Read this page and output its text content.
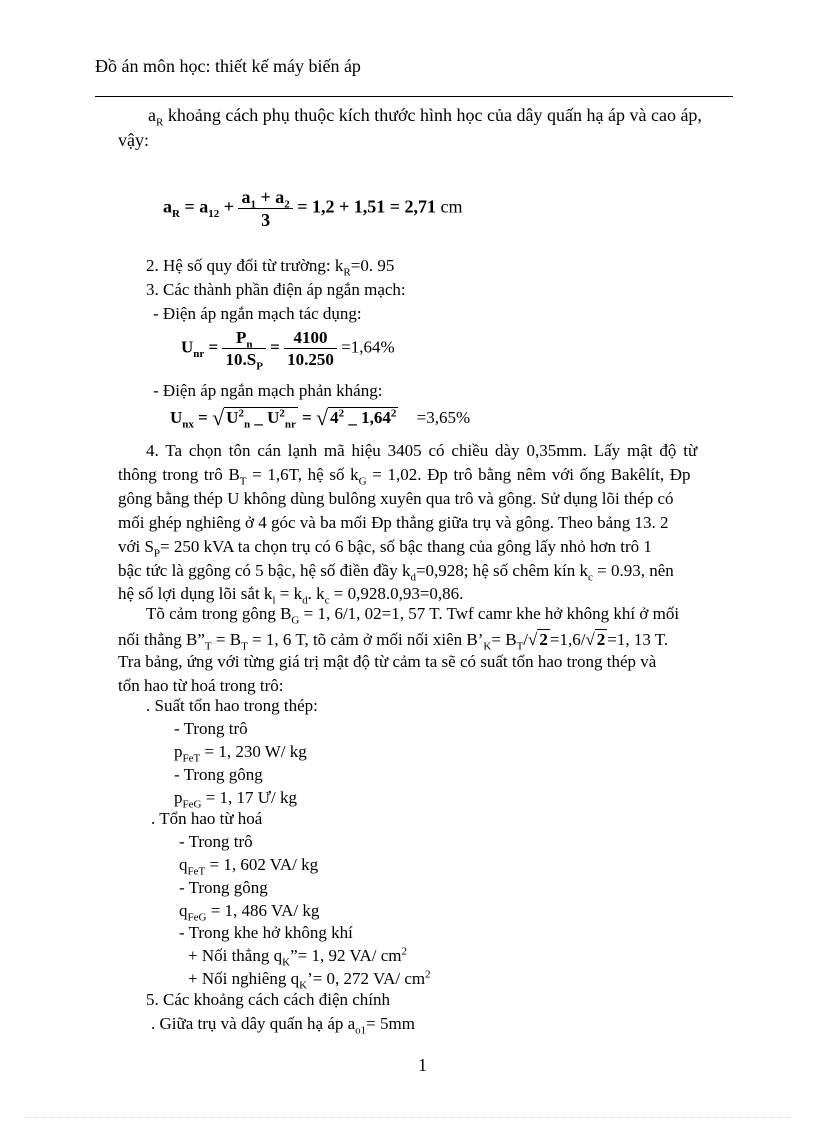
Đồ án môn học: thiết kế máy biến áp
$a_R$ khoảng cách phụ thuộc kích thước hình học của dây quấn hạ áp và cao áp,
vậy:
$a_R = a_{12} + \frac{a_1 + a_2}{3} = 1,2 + 1,51 = 2,71$ cm
2. Hệ số quy đổi từ trường: $k_R=0$. 95
3. Các thành phần điện áp ngắn mạch:
- Điện áp ngắn mạch tác dụng:
$U_{nr} = \frac{P_n}{10.S_P} = \frac{4100}{10.250} =1,64\%$
- Điện áp ngắn mạch phản kháng:
$U_{nx}$ = √ $U^2_n$ _ $U^2_{nr}$ = √ $4^2$ _ $1,64^2 =3,65\%$
4. Ta chọn tôn cán lạnh mã hiệu 3405 có chiều dày 0,35mm. Lấy mật độ từ
thông trong trô $B_T = 1,6T$, hệ số $k_G = 1,02$. Đp trô bằng nêm với ống Bakêlít, Đp
gông bằng thép U không dùng bulông xuyên qua trô và gông. Sử dụng lõi thép có
mối ghép nghiêng ở 4 góc và ba mối Đp thẳng giữa trụ và gông. Theo bảng 13. 2
với $S_P= 250$ kVA ta chọn trụ có 6 bậc, số bậc thang của gông lấy nhỏ hơn trô 1
bậc tức là ggông có 5 bậc, hệ số điền đầy $k_d=0,928$; hệ số chêm kín $k_c = 0.93$, nên
hệ số lợi dụng lõi sắt $k_l = k_d$. $k_c = 0,928.0,93=0,86$.
Tõ cảm trong gông $B_G = 1$, 6/1, 02=1, 57 T. Twf camr khe hở không khí ở mối
nối thẳng $B”_T = B_T = 1$, 6 T, tõ cảm ở mối nối xiên $B’_K= B_T/√$ 2 =1,6/√ 2 =1, 13 T.
Tra bảng, ứng với từng giá trị mật độ từ cảm ta sẽ có suất tổn hao trong thép và
tổn hao từ hoá trong trô:
. Suất tổn hao trong thép:
- Trong trô
$p_{FeT} = 1$, 230 W/ kg
- Trong gông
$p_{FeG} = 1$, 17 Ư/ kg
. Tổn hao từ hoá
- Trong trô
$q_{FeT} = 1$, 602 VA/ kg
- Trong gông
$q_{FeG} = 1$, 486 VA/ kg
- Trong khe hở không khí
+ Nối thẳng $q_K”= 1$, 92 VA/ $cm^2$
+ Nối nghiêng $q_K’= 0$, 272 VA/ $cm^2$
5. Các khoảng cách cách điện chính
. Giữa trụ và dây quấn hạ áp $a_{o1}= 5mm$
1
